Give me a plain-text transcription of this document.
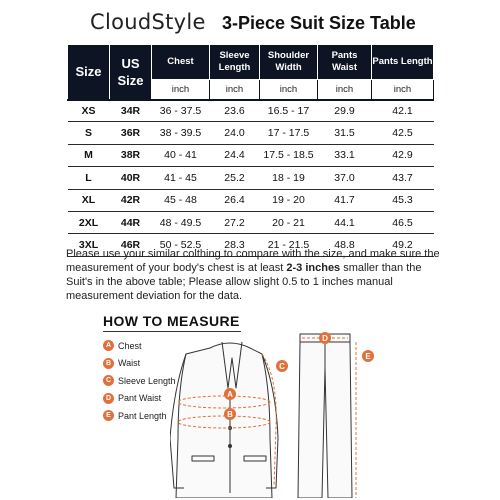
CloudStyle 3-Piece Suit Size Table
Size	US Size	Chest	Sleeve Length	Shoulder Width	Pants Waist	Pants Length
		inch	inch	inch	inch	inch
XS	34R	36 - 37.5	23.6	16.5 - 17	29.9	42.1
S	36R	38 - 39.5	24.0	17 - 17.5	31.5	42.5
M	38R	40 - 41	24.4	17.5 - 18.5	33.1	42.9
L	40R	41 - 45	25.2	18 - 19	37.0	43.7
XL	42R	45 - 48	26.4	19 - 20	41.7	45.3
2XL	44R	48 - 49.5	27.2	20 - 21	44.1	46.5
3XL	46R	50 - 52.5	28.3	21 - 21.5	48.8	49.2

Please use your similar colthing to compare with the size, and make sure the measurement of your body's chest is at least 2-3 inches smaller than the Suit's in the above table; Please allow slight 0.5 to 1 inches manual measurement deviation for the data.

HOW TO MEASURE
A Chest
B Waist
C Sleeve Length
D Pant Waist
E Pant Length
A
B
C
D
E
